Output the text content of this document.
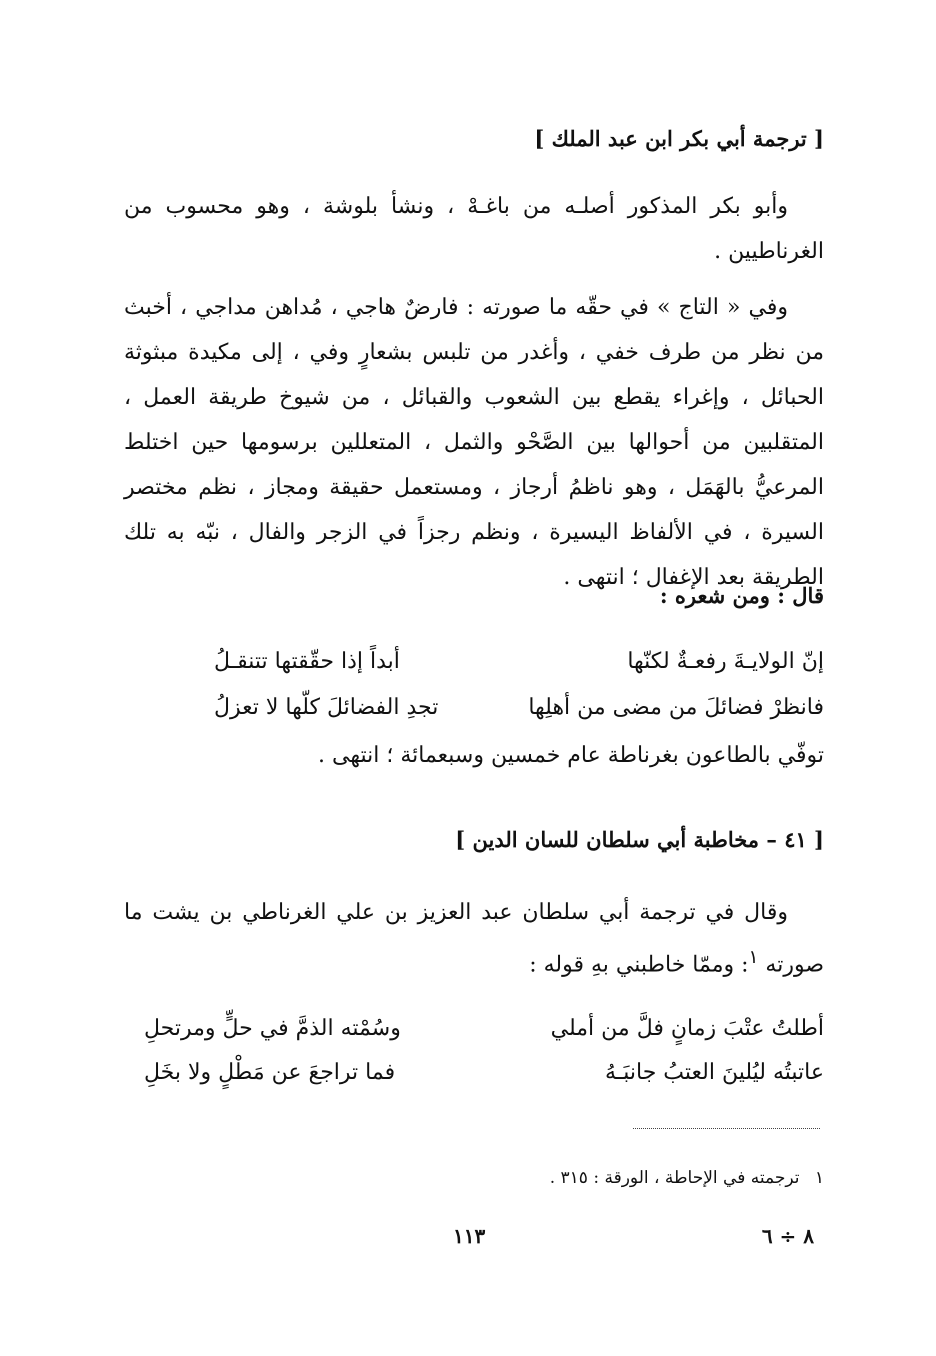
[ ترجمة أبي بكر ابن عبد الملك ]
وأبو بكر المذكور أصلـه من باغـهْ ، ونشأ بلوشة ، وهو محسوب من الغرناطيين .
وفي « التاج » في حقّه ما صورته : فارضٌ هاجي ، مُداهن مداجي ، أخبث من نظر من طرف خفي ، وأغدر من تلبس بشعارٍ وفي ، إلى مكيدة مبثوثة الحبائل ، وإغراء يقطع بين الشعوب والقبائل ، من شيوخ طريقة العمل ، المتقلبين من أحوالها بين الصَّحْو والثمل ، المتعللين برسومها حين اختلط المرعيُّ بالهَمَل ، وهو ناظمُ أرجاز ، ومستعمل حقيقة ومجاز ، نظم مختصر السيرة ، في الألفاظ اليسيرة ، ونظم رجزاً في الزجر والفال ، نبّه به تلك الطريقة بعد الإغفال ؛ انتهى .
قال : ومن شعره :
إنّ الولايـةَ رفعـةٌ لكنّها
أبداً إذا حقّقتها تتنقـلُ
فانظرْ فضائلَ من مضى من أهلِها
تجدِ الفضائلَ كلّها لا تعزلُ
توفّي بالطاعون بغرناطة عام خمسين وسبعمائة ؛ انتهى .
[ ٤١ – مخاطبة أبي سلطان للسان الدين ]
وقال في ترجمة أبي سلطان عبد العزيز بن علي الغرناطي بن يشت ما صورته $^١$: وممّا خاطبني بهِ قوله :
أطلتُ عتْبَ زمانٍ فلَّ من أملي
وسُمْته الذمَّ في حلٍّ ومرتحلِ
عاتبتُه ليُلينَ العتبُ جانبَـهُ
فما تراجعَ عن مَطْلٍ ولا بخَلِ
١ ترجمته في الإحاطة ، الورقة : ٣١٥ .
١١٣	٨ ÷ ٦
